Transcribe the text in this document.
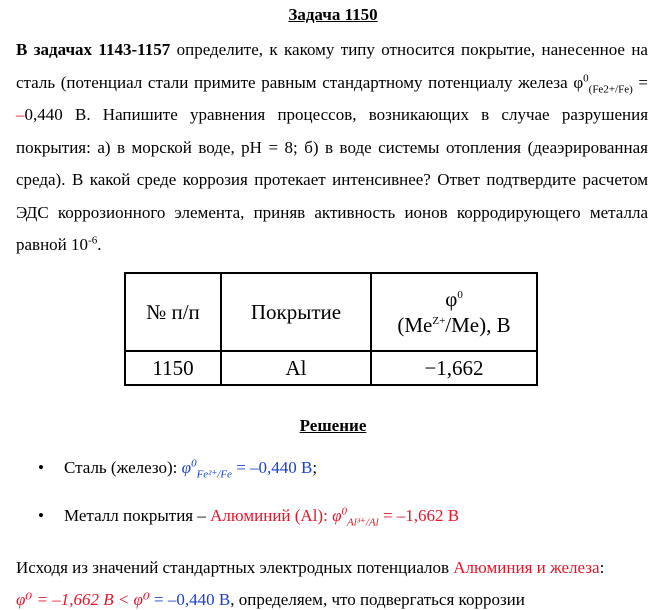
Задача 1150
В задачах 1143-1157 определите, к какому типу относится покрытие, нанесенное на сталь (потенциал стали примите равным стандартному потенциалу железа $\varphi^0_{(Fe2+/Fe)} = -0,440$ В. Напишите уравнения процессов, возникающих в случае разрушения покрытия: а) в морской воде, pH = 8; б) в воде системы отопления (деаэрированная среда). В какой среде коррозия протекает интенсивнее? Ответ подтвердите расчетом ЭДС коррозионного элемента, приняв активность ионов корродирующего металла равной $10^{-6}$.
№ п/п	Покрытие	$\varphi^0$
$(Me^{Z+}/Me)$, В

1150	Al	−1,662
Решение
• Сталь (железо): $\varphi^0_{Fe^{2+}/Fe} = -0,440$ В;
• Металл покрытия – Алюминий (Al): $\varphi^0_{Al^{3+}/Al} = -1,662$ В
Исходя из значений стандартных электродных потенциалов Алюминия и железа:
φ⁰ = –1,662 В < φ⁰ = –0,440 В, определяем, что подвергаться коррозии
